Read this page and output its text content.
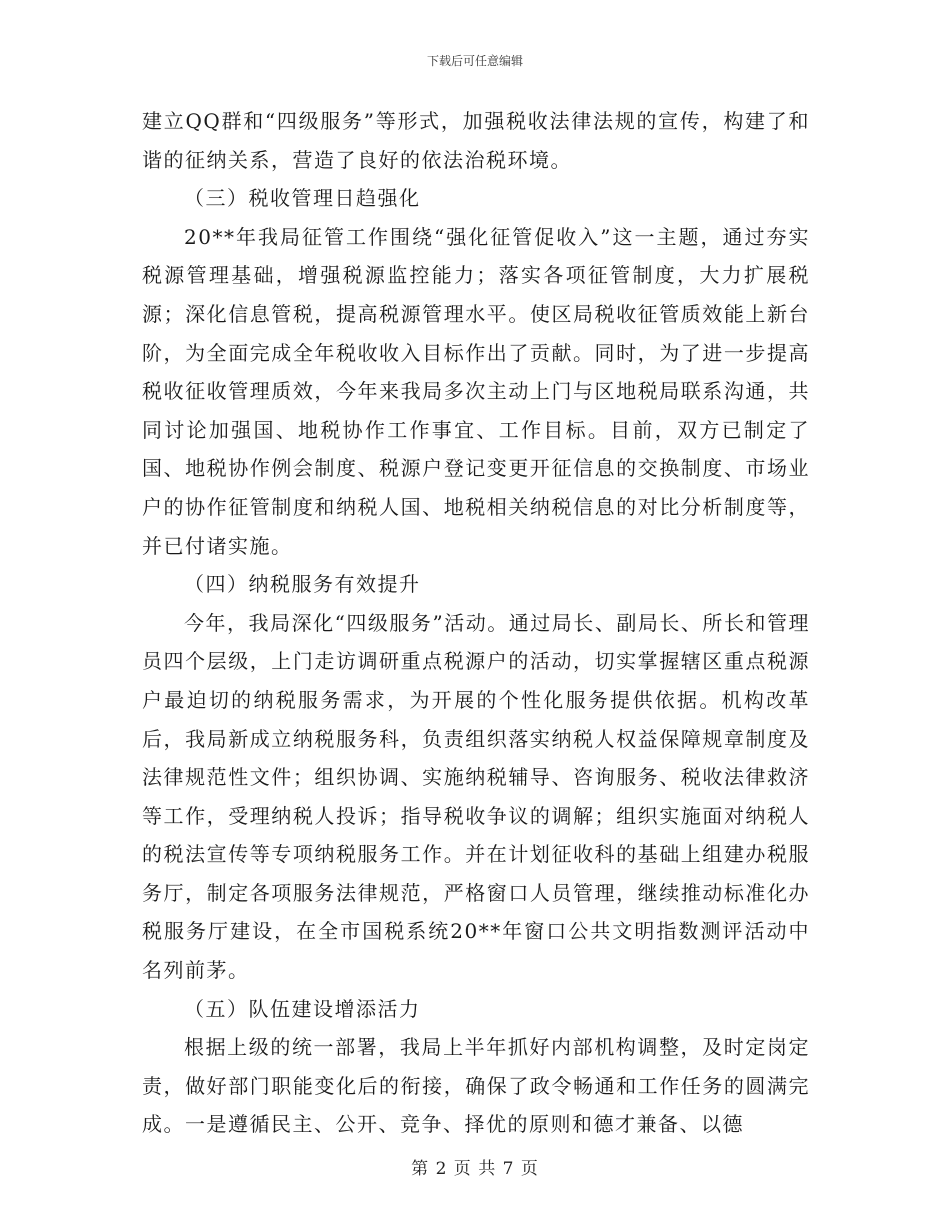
下载后可任意编辑

建立QQ群和“四级服务”等形式，加强税收法律法规的宣传，构建了和谐的征纳关系，营造了良好的依法治税环境。

（三）税收管理日趋强化

20**年我局征管工作围绕“强化征管促收入”这一主题，通过夯实税源管理基础，增强税源监控能力；落实各项征管制度，大力扩展税源；深化信息管税，提高税源管理水平。使区局税收征管质效能上新台阶，为全面完成全年税收收入目标作出了贡献。同时，为了进一步提高税收征收管理质效，今年来我局多次主动上门与区地税局联系沟通，共同讨论加强国、地税协作工作事宜、工作目标。目前，双方已制定了国、地税协作例会制度、税源户登记变更开征信息的交换制度、市场业户的协作征管制度和纳税人国、地税相关纳税信息的对比分析制度等，并已付诸实施。

（四）纳税服务有效提升

今年，我局深化“四级服务”活动。通过局长、副局长、所长和管理员四个层级，上门走访调研重点税源户的活动，切实掌握辖区重点税源户最迫切的纳税服务需求，为开展的个性化服务提供依据。机构改革后，我局新成立纳税服务科，负责组织落实纳税人权益保障规章制度及法律规范性文件；组织协调、实施纳税辅导、咨询服务、税收法律救济等工作，受理纳税人投诉；指导税收争议的调解；组织实施面对纳税人的税法宣传等专项纳税服务工作。并在计划征收科的基础上组建办税服务厅，制定各项服务法律规范，严格窗口人员管理，继续推动标准化办税服务厅建设，在全市国税系统20**年窗口公共文明指数测评活动中名列前茅。

（五）队伍建设增添活力

根据上级的统一部署，我局上半年抓好内部机构调整，及时定岗定责，做好部门职能变化后的衔接，确保了政令畅通和工作任务的圆满完成。一是遵循民主、公开、竞争、择优的原则和德才兼备、以德

第 2 页 共 7 页
